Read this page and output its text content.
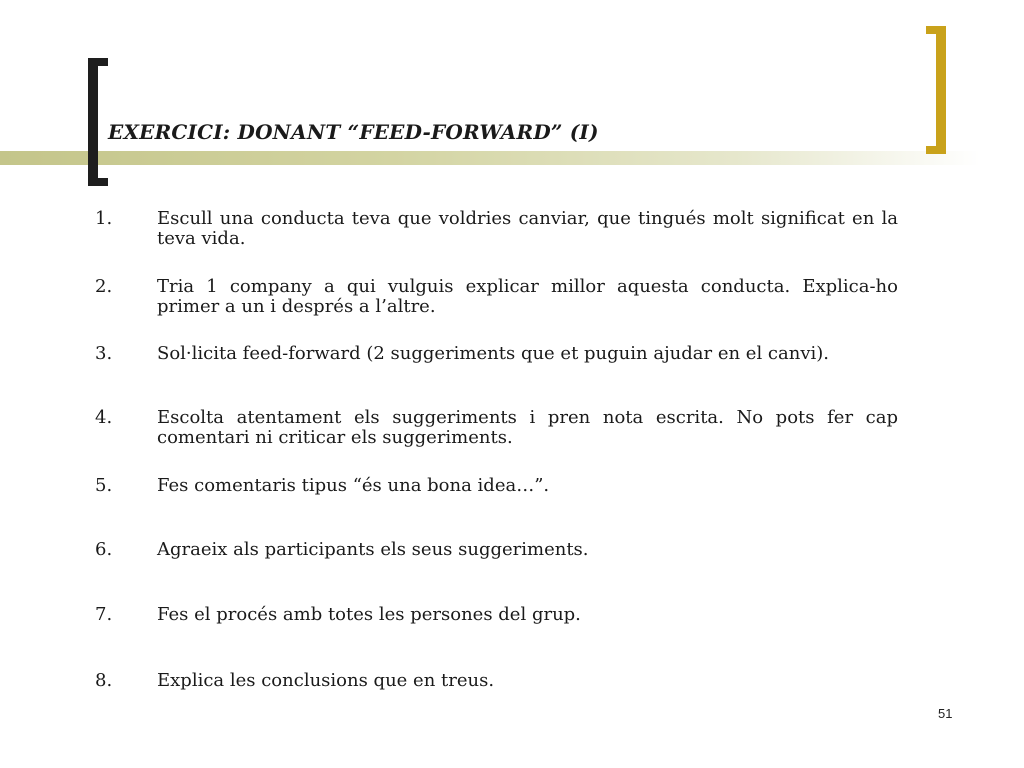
EXERCICI: DONANT “FEED-FORWARD” (I)
1. Escull una conducta teva que voldries canviar, que tingués molt significat en la teva vida.
2. Tria 1 company a qui vulguis explicar millor aquesta conducta. Explica-ho primer a un i després a l’altre.
3. Sol·licita feed-forward (2 suggeriments que et puguin ajudar en el canvi).
4. Escolta atentament els suggeriments i pren nota escrita. No pots fer cap comentari ni criticar els suggeriments.
5. Fes comentaris tipus “és una bona idea…”.
6. Agraeix als participants els seus suggeriments.
7. Fes el procés amb totes les persones del grup.
8. Explica les conclusions que en treus.
51
